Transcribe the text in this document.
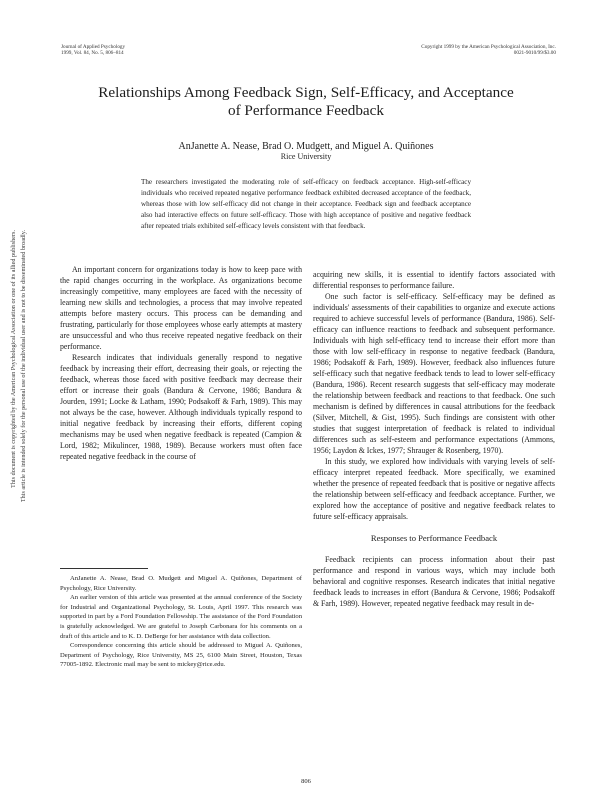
Journal of Applied Psychology
1999, Vol. 84, No. 5, 806–814
Copyright 1999 by the American Psychological Association, Inc.
0021-9010/99/$3.00
Relationships Among Feedback Sign, Self-Efficacy, and Acceptance
of Performance Feedback
AnJanette A. Nease, Brad O. Mudgett, and Miguel A. Quiñones
Rice University
The researchers investigated the moderating role of self-efficacy on feedback acceptance. High-self-efficacy individuals who received repeated negative performance feedback exhibited decreased acceptance of the feedback, whereas those with low self-efficacy did not change in their acceptance. Feedback sign and feedback acceptance also had interactive effects on future self-efficacy. Those with high acceptance of positive and negative feedback after repeated trials exhibited self-efficacy levels consistent with that feedback.
This document is copyrighted by the American Psychological Association or one of its allied publishers. This article is intended solely for the personal use of the individual user and is not to be disseminated broadly.	An important concern for organizations today is how to keep pace with the rapid changes occurring in the workplace. As organizations become increasingly competitive, many employees are faced with the necessity of learning new skills and technologies, a process that may involve repeated attempts before mastery occurs. This process can be demanding and frustrating, particularly for those employees whose early attempts at mastery are unsuccessful and who thus receive repeated negative feedback on their performance.

Research indicates that individuals generally respond to negative feedback by increasing their effort, decreasing their goals, or rejecting the feedback, whereas those faced with positive feedback may decrease their effort or increase their goals (Bandura & Cervone, 1986; Bandura & Jourden, 1991; Locke & Latham, 1990; Podsakoff & Farh, 1989). This may not always be the case, however. Although individuals typically respond to initial negative feedback by increasing their efforts, different coping mechanisms may be used when negative feedback is repeated (Campion & Lord, 1982; Mikulincer, 1988, 1989). Because workers must often face repeated negative feedback in the course of

AnJanette A. Nease, Brad O. Mudgett and Miguel A. Quiñones, Department of Psychology, Rice University.

An earlier version of this article was presented at the annual conference of the Society for Industrial and Organizational Psychology, St. Louis, April 1997. This research was supported in part by a Ford Foundation Fellowship. The assistance of the Ford Foundation is gratefully acknowledged. We are grateful to Joseph Carbonara for his comments on a draft of this article and to K. D. DeBerge for her assistance with data collection.

Correspondence concerning this article should be addressed to Miguel A. Quiñones, Department of Psychology, Rice University, MS 25, 6100 Main Street, Houston, Texas 77005-1892. Electronic mail may be sent to mickey@rice.edu.

acquiring new skills, it is essential to identify factors associated with differential responses to performance failure.

One such factor is self-efficacy. Self-efficacy may be defined as individuals' assessments of their capabilities to organize and execute actions required to achieve successful levels of performance (Bandura, 1986). Self-efficacy can influence reactions to feedback and subsequent performance. Individuals with high self-efficacy tend to increase their effort more than those with low self-efficacy in response to negative feedback (Bandura, 1986; Podsakoff & Farh, 1989). However, feedback also influences future self-efficacy such that negative feedback tends to lead to lower self-efficacy (Bandura, 1986). Recent research suggests that self-efficacy may moderate the relationship between feedback and reactions to that feedback. One such mechanism is defined by differences in causal attributions for the feedback (Silver, Mitchell, & Gist, 1995). Such findings are consistent with other studies that suggest interpretation of feedback is related to individual differences such as self-esteem and performance expectations (Ammons, 1956; Laydon & Ickes, 1977; Shrauger & Rosenberg, 1970).

In this study, we explored how individuals with varying levels of self-efficacy interpret repeated feedback. More specifically, we examined whether the presence of repeated feedback that is positive or negative affects the relationship between self-efficacy and feedback acceptance. Further, we explored how the acceptance of positive and negative feedback relates to future self-efficacy appraisals.

Responses to Performance Feedback

Feedback recipients can process information about their past performance and respond in various ways, which may include both behavioral and cognitive responses. Research indicates that initial negative feedback leads to increases in effort (Bandura & Cervone, 1986; Podsakoff & Farh, 1989). However, repeated negative feedback may result in de-

806
